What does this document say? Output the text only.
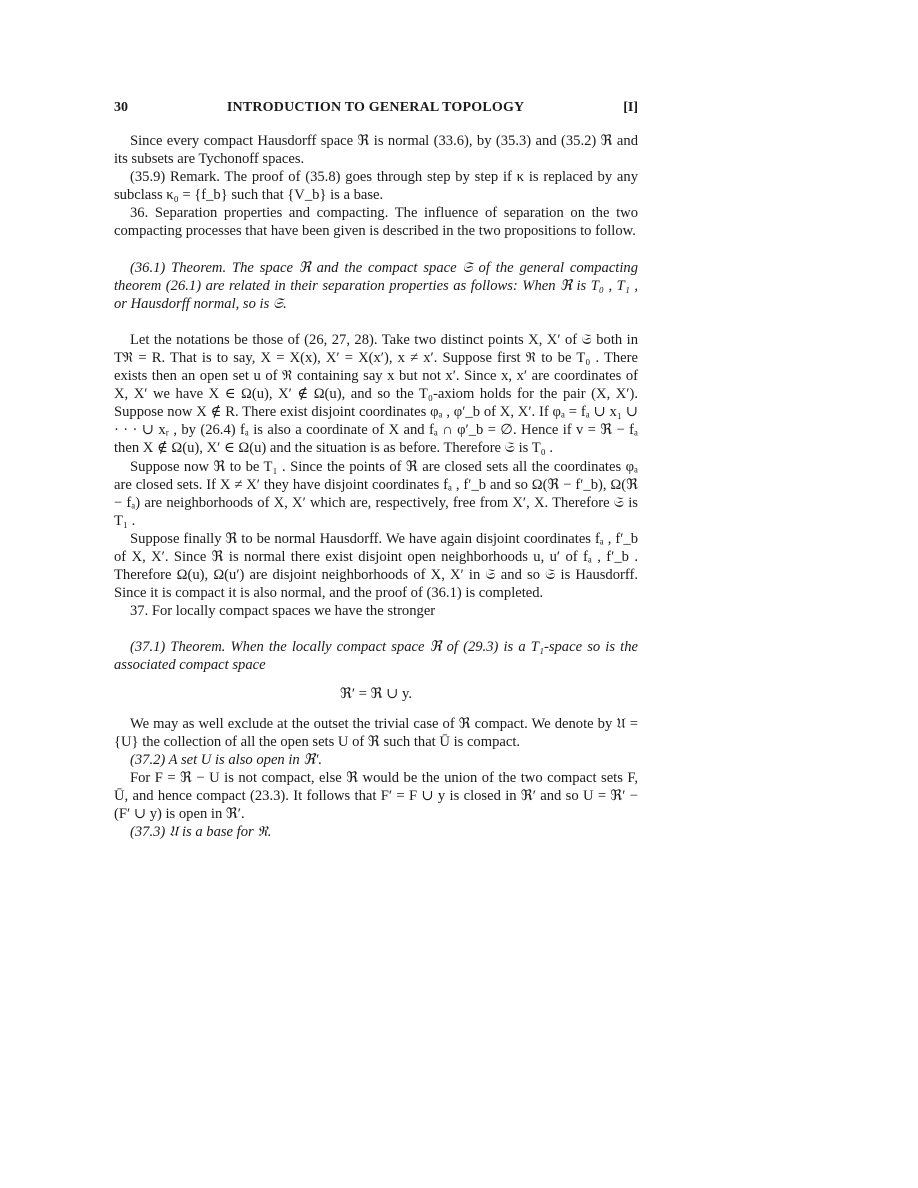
30	INTRODUCTION TO GENERAL TOPOLOGY	[I]

Since every compact Hausdorff space ℜ is normal (33.6), by (35.3) and (35.2) ℜ and its subsets are Tychonoff spaces.

(35.9) Remark. The proof of (35.8) goes through step by step if κ is replaced by any subclass κ₀ = {f_b} such that {V_b} is a base.

36. Separation properties and compacting. The influence of separation on the two compacting processes that have been given is described in the two propositions to follow.

(36.1) Theorem. The space ℜ and the compact space 𝔖 of the general compacting theorem (26.1) are related in their separation properties as follows: When ℜ is T₀ , T₁ , or Hausdorff normal, so is 𝔖.

Let the notations be those of (26, 27, 28). Take two distinct points X, X′ of 𝔖 both in Tℜ = R. That is to say, X = X(x), X′ = X(x′), x ≠ x′. Suppose first ℜ to be T₀ . There exists then an open set u of ℜ containing say x but not x′. Since x, x′ are coordinates of X, X′ we have X ∈ Ω(u), X′ ∉ Ω(u), and so the T₀-axiom holds for the pair (X, X′). Suppose now X ∉ R. There exist disjoint coordinates φₐ , φ′_b of X, X′. If φₐ = fₐ ∪ x₁ ∪ · · · ∪ xᵣ , by (26.4) fₐ is also a coordinate of X and fₐ ∩ φ′_b = ∅. Hence if v = ℜ − fₐ then X ∉ Ω(u), X′ ∈ Ω(u) and the situation is as before. Therefore 𝔖 is T₀ .

Suppose now ℜ to be T₁ . Since the points of ℜ are closed sets all the coordinates φₐ are closed sets. If X ≠ X′ they have disjoint coordinates fₐ , f′_b and so Ω(ℜ − f′_b), Ω(ℜ − fₐ) are neighborhoods of X, X′ which are, respectively, free from X′, X. Therefore 𝔖 is T₁ .

Suppose finally ℜ to be normal Hausdorff. We have again disjoint coordinates fₐ , f′_b of X, X′. Since ℜ is normal there exist disjoint open neighborhoods u, u′ of fₐ , f′_b . Therefore Ω(u), Ω(u′) are disjoint neighborhoods of X, X′ in 𝔖 and so 𝔖 is Hausdorff. Since it is compact it is also normal, and the proof of (36.1) is completed.

37. For locally compact spaces we have the stronger

(37.1) Theorem. When the locally compact space ℜ of (29.3) is a T₁-space so is the associated compact space

ℜ′ = ℜ ∪ y.

We may as well exclude at the outset the trivial case of ℜ compact. We denote by 𝔘 = {U} the collection of all the open sets U of ℜ such that Ū is compact.

(37.2) A set U is also open in ℜ′.

For F = ℜ − U is not compact, else ℜ would be the union of the two compact sets F, Ū, and hence compact (23.3). It follows that F′ = F ∪ y is closed in ℜ′ and so U = ℜ′ − (F′ ∪ y) is open in ℜ′.

(37.3) 𝔘 is a base for ℜ.
